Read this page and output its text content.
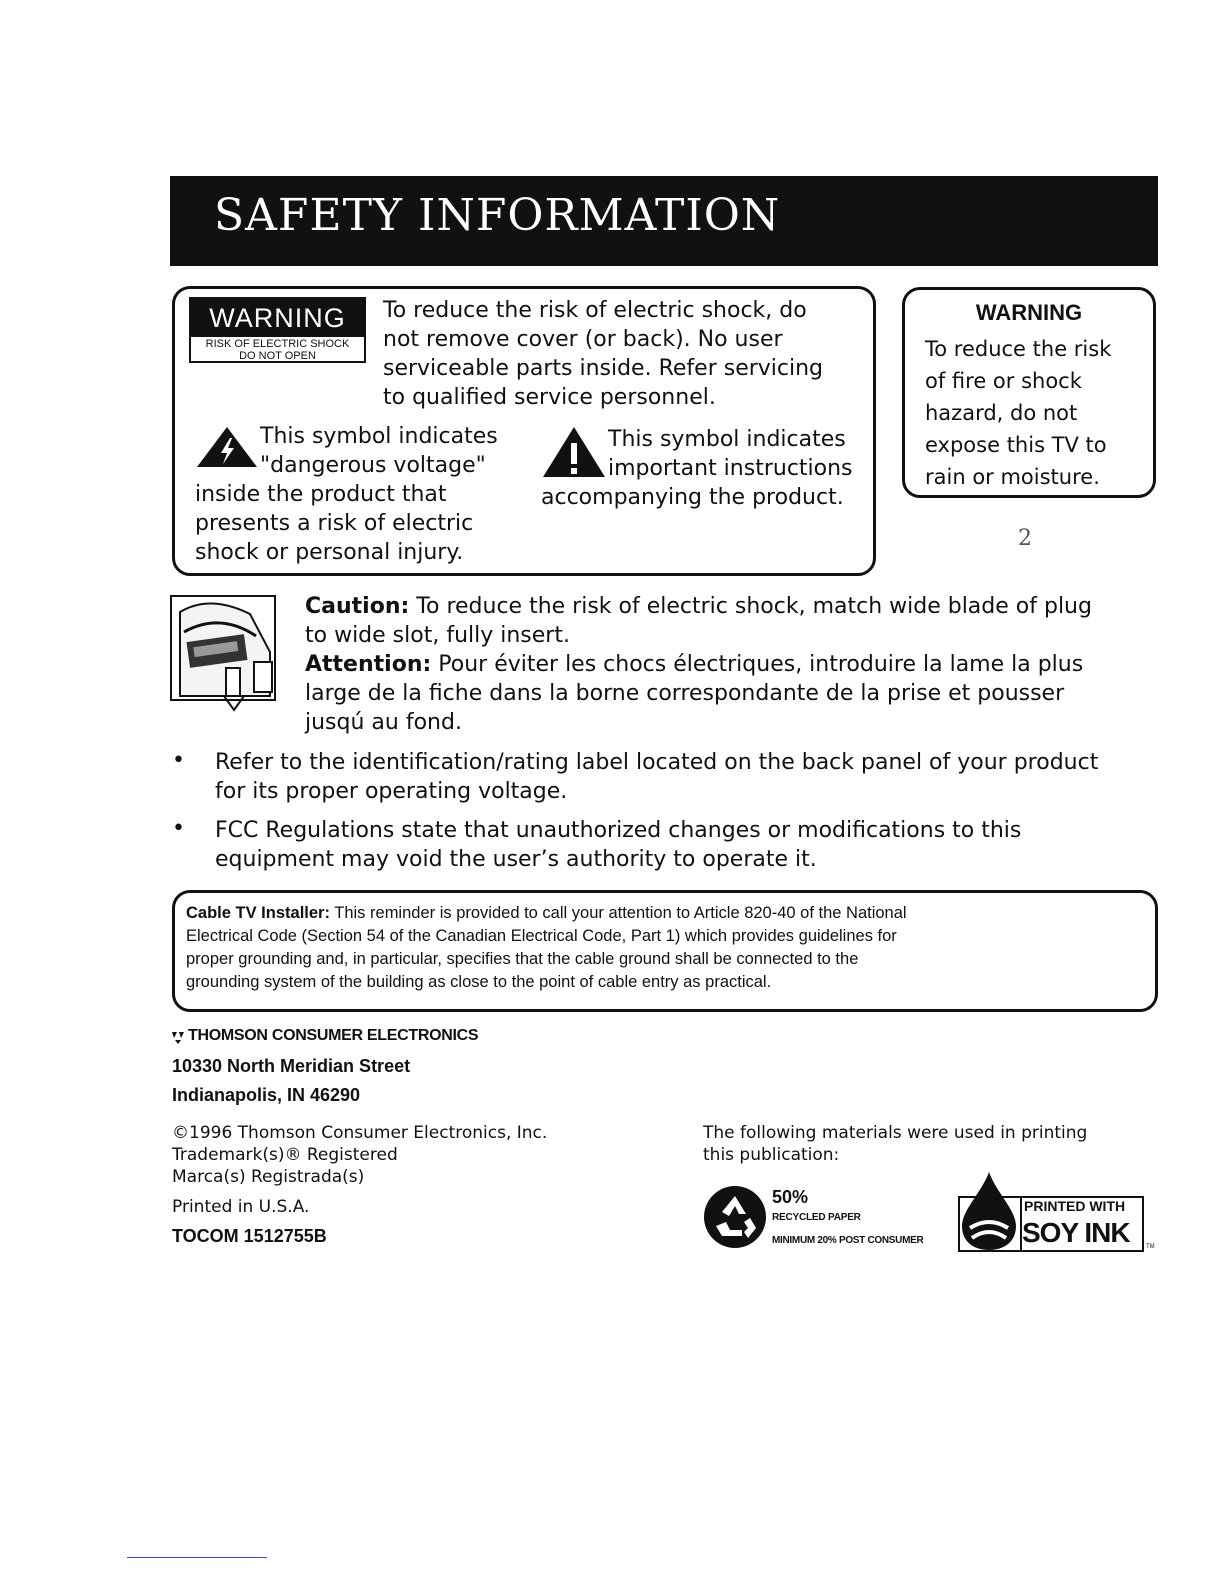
SAFETY INFORMATION
WARNING
RISK OF ELECTRIC SHOCK
DO NOT OPEN
To reduce the risk of electric shock, do
not remove cover (or back). No user
serviceable parts inside. Refer servicing
to qualified service personnel.
This symbol indicates
"dangerous voltage"
inside the product that
presents a risk of electric
shock or personal injury.
This symbol indicates
important instructions
accompanying the product.
WARNING
To reduce the risk
of fire or shock
hazard, do not
expose this TV to
rain or moisture.
2
Caution: To reduce the risk of electric shock, match wide blade of plug
to wide slot, fully insert.
Attention: Pour éviter les chocs électriques, introduire la lame la plus
large de la fiche dans la borne correspondante de la prise et pousser
jusqú au fond.
• Refer to the identification/rating label located on the back panel of your product
for its proper operating voltage.
• FCC Regulations state that unauthorized changes or modifications to this
equipment may void the user’s authority to operate it.
Cable TV Installer: This reminder is provided to call your attention to Article 820-40 of the National
Electrical Code (Section 54 of the Canadian Electrical Code, Part 1) which provides guidelines for
proper grounding and, in particular, specifies that the cable ground shall be connected to the
grounding system of the building as close to the point of cable entry as practical.
THOMSON CONSUMER ELECTRONICS
10330 North Meridian Street
Indianapolis, IN 46290
©1996 Thomson Consumer Electronics, Inc.
Trademark(s)® Registered
Marca(s) Registrada(s)
Printed in U.S.A.
TOCOM 1512755B
The following materials were used in printing
this publication:
50%
RECYCLED PAPER
MINIMUM 20% POST CONSUMER
PRINTED WITH
SOY INK	TM
